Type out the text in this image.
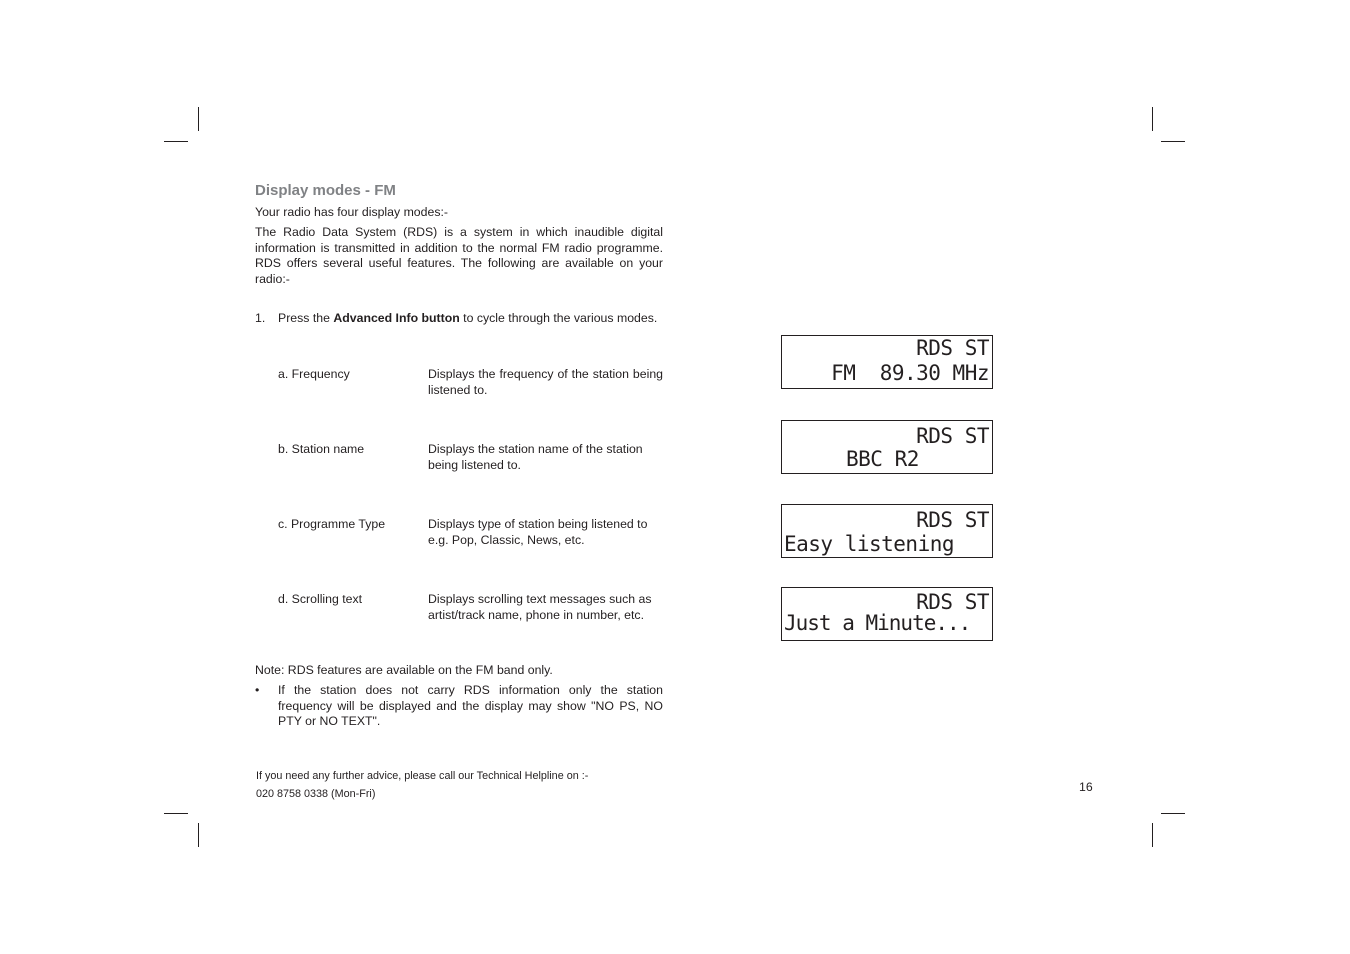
Display modes - FM
Your radio has four display modes:-
The Radio Data System (RDS) is a system in which inaudible digital information is transmitted in addition to the normal FM radio programme. RDS offers several useful features. The following are available on your radio:-
1. Press the Advanced Info button to cycle through the various modes.
a. Frequency	Displays the frequency of the station being listened to.
b. Station name	Displays the station name of the station being listened to.
c. Programme Type	Displays type of station being listened to e.g. Pop, Classic, News, etc.
d. Scrolling text	Displays scrolling text messages such as artist/track name, phone in number, etc.
Note: RDS features are available on the FM band only.
• If the station does not carry RDS information only the station frequency will be displayed and the display may show "NO PS, NO PTY or NO TEXT".
If you need any further advice, please call our Technical Helpline on :-
020 8758 0338 (Mon-Fri)	16
RDS ST
FM  89.30 MHz
RDS ST
BBC R2
RDS ST
Easy listening
RDS ST
Just a Minute...
